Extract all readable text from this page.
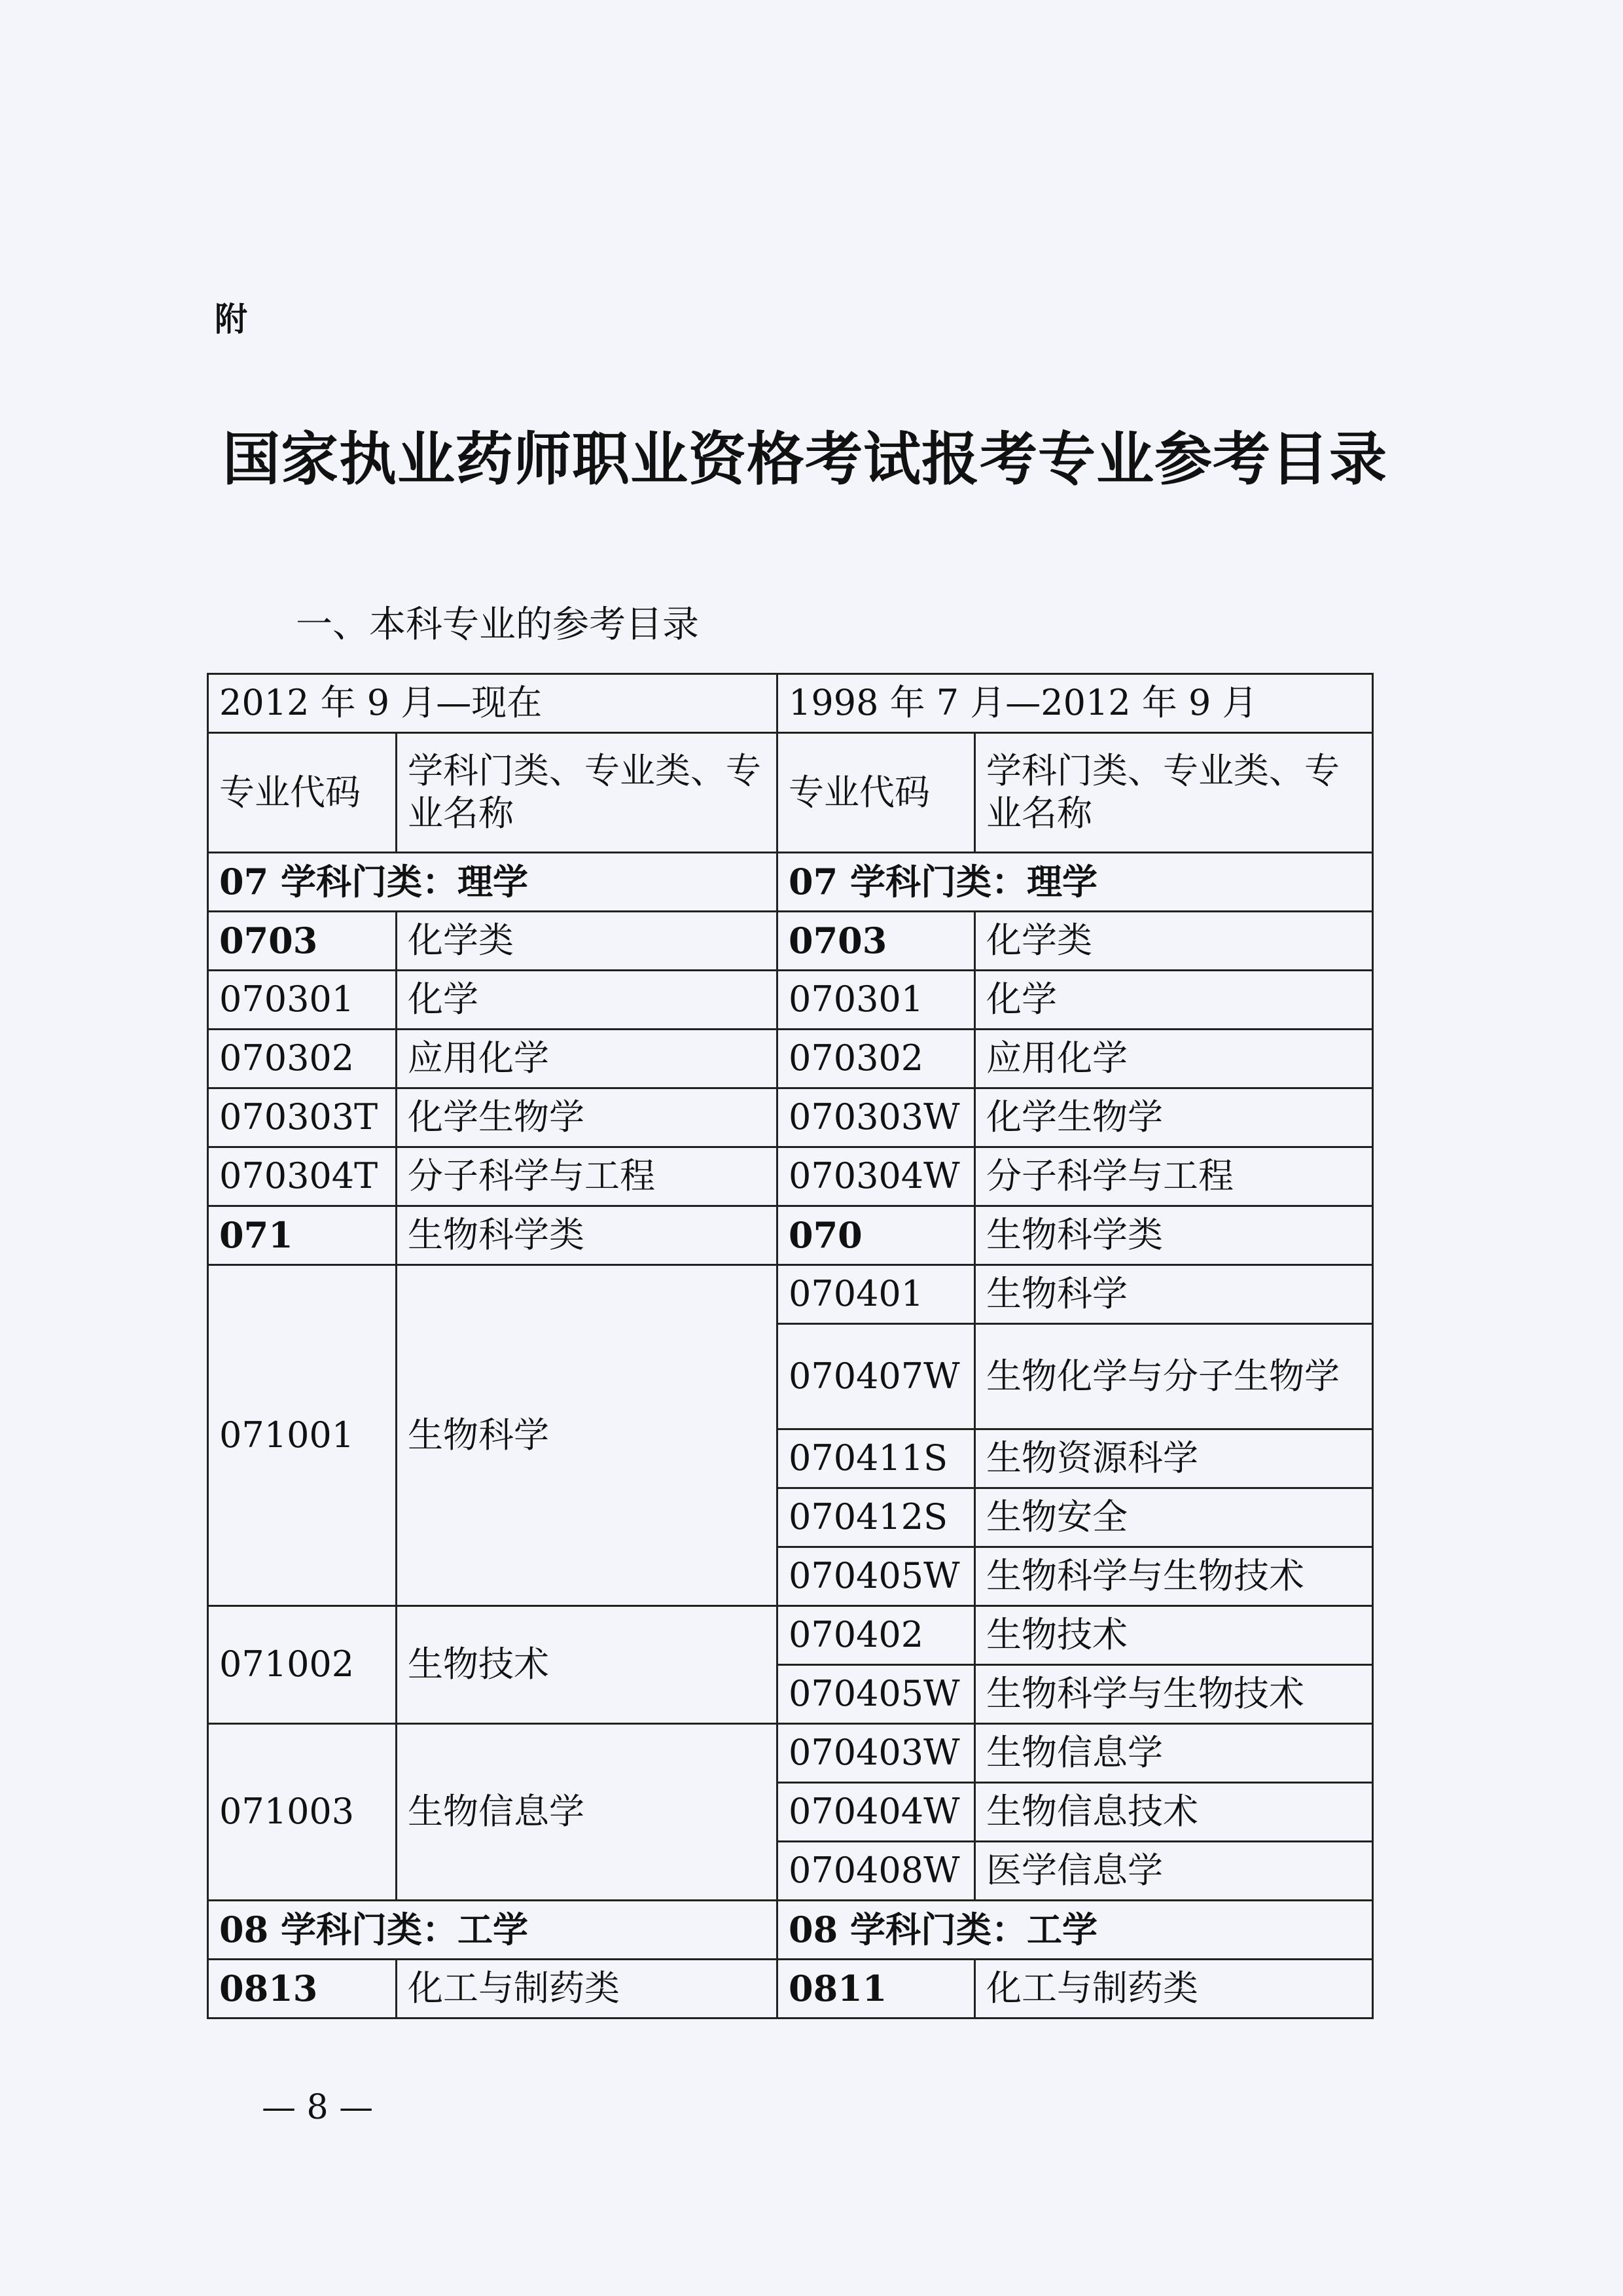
附
国家执业药师职业资格考试报考专业参考目录
一、本科专业的参考目录
2012 年 9 月—现在		1998 年 7 月—2012 年 9 月	
专业代码	学科门类、专业类、专业名称	专业代码	学科门类、专业类、专业名称
07 学科门类：理学		07 学科门类：理学	
0703	化学类	0703	化学类
070301	化学	070301	化学
070302	应用化学	070302	应用化学
070303T	化学生物学	070303W	化学生物学
070304T	分子科学与工程	070304W	分子科学与工程
071	生物科学类	070	生物科学类
071001	生物科学	070401	生物科学
		070407W	生物化学与分子生物学
		070411S	生物资源科学
		070412S	生物安全
		070405W	生物科学与生物技术
071002	生物技术	070402	生物技术
		070405W	生物科学与生物技术
071003	生物信息学	070403W	生物信息学
		070404W	生物信息技术
		070408W	医学信息学
08 学科门类：工学		08 学科门类：工学	
0813	化工与制药类	0811	化工与制药类
— 8 —
